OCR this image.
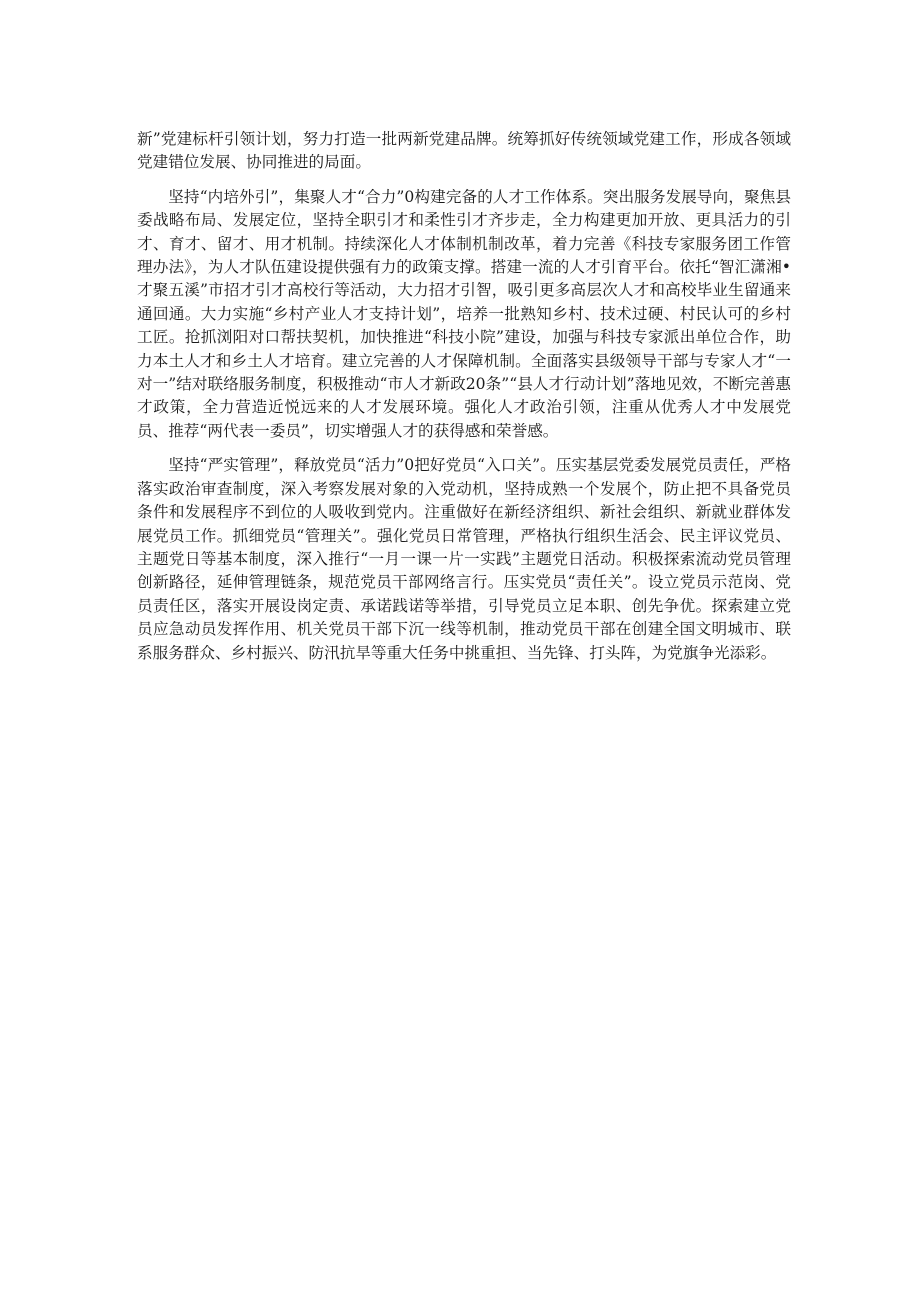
新”党建标杆引领计划，努力打造一批两新党建品牌。统筹抓好传统领域党建工作，形成各领域党建错位发展、协同推进的局面。

坚持“内培外引”，集聚人才“合力”0构建完备的人才工作体系。突出服务发展导向，聚焦县委战略布局、发展定位，坚持全职引才和柔性引才齐步走，全力构建更加开放、更具活力的引才、育才、留才、用才机制。持续深化人才体制机制改革，着力完善《科技专家服务团工作管理办法》，为人才队伍建设提供强有力的政策支撑。搭建一流的人才引育平台。依托“智汇潇湘•才聚五溪”市招才引才高校行等活动，大力招才引智，吸引更多高层次人才和高校毕业生留通来通回通。大力实施“乡村产业人才支持计划”，培养一批熟知乡村、技术过硬、村民认可的乡村工匠。抢抓浏阳对口帮扶契机，加快推进“科技小院”建设，加强与科技专家派出单位合作，助力本土人才和乡土人才培育。建立完善的人才保障机制。全面落实县级领导干部与专家人才“一对一”结对联络服务制度，积极推动“市人才新政20条”“县人才行动计划”落地见效，不断完善惠才政策，全力营造近悦远来的人才发展环境。强化人才政治引领，注重从优秀人才中发展党员、推荐“两代表一委员”，切实增强人才的获得感和荣誉感。

坚持“严实管理”，释放党员“活力”0把好党员“入口关”。压实基层党委发展党员责任，严格落实政治审查制度，深入考察发展对象的入党动机，坚持成熟一个发展个，防止把不具备党员条件和发展程序不到位的人吸收到党内。注重做好在新经济组织、新社会组织、新就业群体发展党员工作。抓细党员“管理关”。强化党员日常管理，严格执行组织生活会、民主评议党员、主题党日等基本制度，深入推行“一月一课一片一实践”主题党日活动。积极探索流动党员管理创新路径，延伸管理链条，规范党员干部网络言行。压实党员“责任关”。设立党员示范岗、党员责任区，落实开展设岗定责、承诺践诺等举措，引导党员立足本职、创先争优。探索建立党员应急动员发挥作用、机关党员干部下沉一线等机制，推动党员干部在创建全国文明城市、联系服务群众、乡村振兴、防汛抗旱等重大任务中挑重担、当先锋、打头阵，为党旗争光添彩。
